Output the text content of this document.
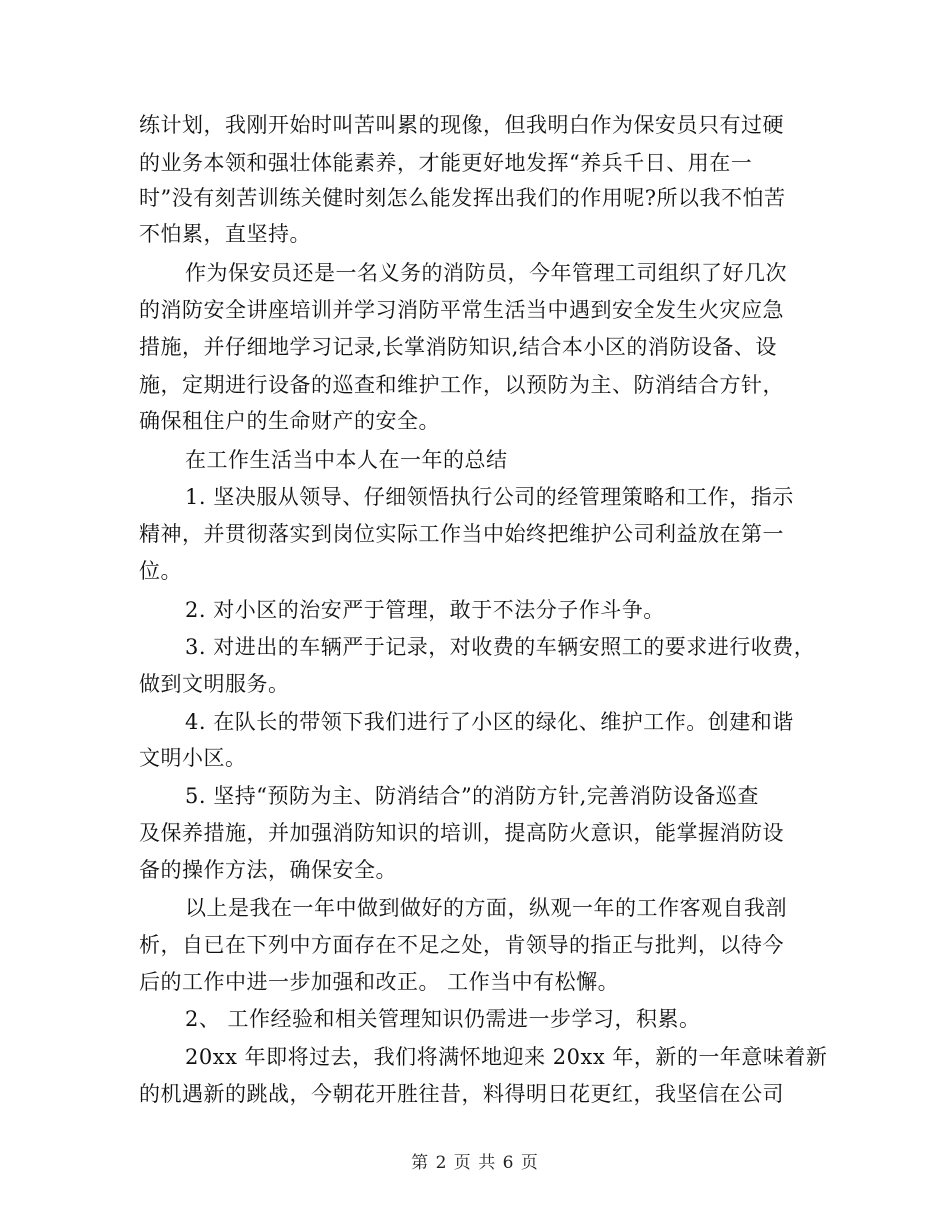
练计划，我刚开始时叫苦叫累的现像，但我明白作为保安员只有过硬
的业务本领和强壮体能素养，才能更好地发挥“养兵千日、用在一
时”没有刻苦训练关健时刻怎么能发挥出我们的作用呢?所以我不怕苦
不怕累，直坚持。
作为保安员还是一名义务的消防员，今年管理工司组织了好几次
的消防安全讲座培训并学习消防平常生活当中遇到安全发生火灾应急
措施，并仔细地学习记录,长掌消防知识,结合本小区的消防设备、设
施，定期进行设备的巡查和维护工作，以预防为主、防消结合方针，
确保租住户的生命财产的安全。
在工作生活当中本人在一年的总结
1. 坚决服从领导、仔细领悟执行公司的经管理策略和工作，指示
精神，并贯彻落实到岗位实际工作当中始终把维护公司利益放在第一
位。
2. 对小区的治安严于管理，敢于不法分子作斗争。
3. 对进出的车辆严于记录，对收费的车辆安照工的要求进行收费，
做到文明服务。
4. 在队长的带领下我们进行了小区的绿化、维护工作。创建和谐
文明小区。
5. 坚持“预防为主、防消结合”的消防方针,完善消防设备巡查
及保养措施，并加强消防知识的培训，提高防火意识，能掌握消防设
备的操作方法，确保安全。
以上是我在一年中做到做好的方面，纵观一年的工作客观自我剖
析，自已在下列中方面存在不足之处，肯领导的指正与批判，以待今
后的工作中进一步加强和改正。 工作当中有松懈。
2、 工作经验和相关管理知识仍需进一步学习，积累。
20xx 年即将过去，我们将满怀地迎来 20xx 年，新的一年意味着新
的机遇新的跳战，今朝花开胜往昔，料得明日花更红，我坚信在公司
第 2 页 共 6 页
